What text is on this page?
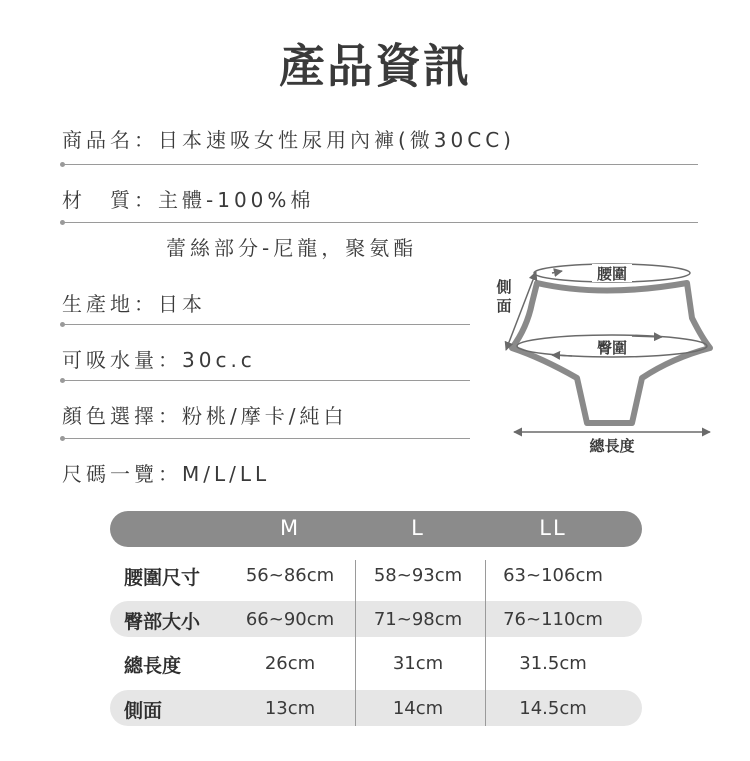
產品資訊
商品名：日本速吸女性尿用內褲(微30CC)
材　質：主體-100%棉
蕾絲部分-尼龍，聚氨酯
生產地：日本
可吸水量：30c.c
顏色選擇：粉桃/摩卡/純白
尺碼一覽：M/L/LL
腰圍
臀圍
側
面
總長度
M	L	LL
腰圍尺寸	56~86cm 58~93cm 63~106cm
臀部大小	66~90cm 71~98cm 76~110cm
總長度	26cm	31cm	31.5cm
側面	13cm	14cm	14.5cm
